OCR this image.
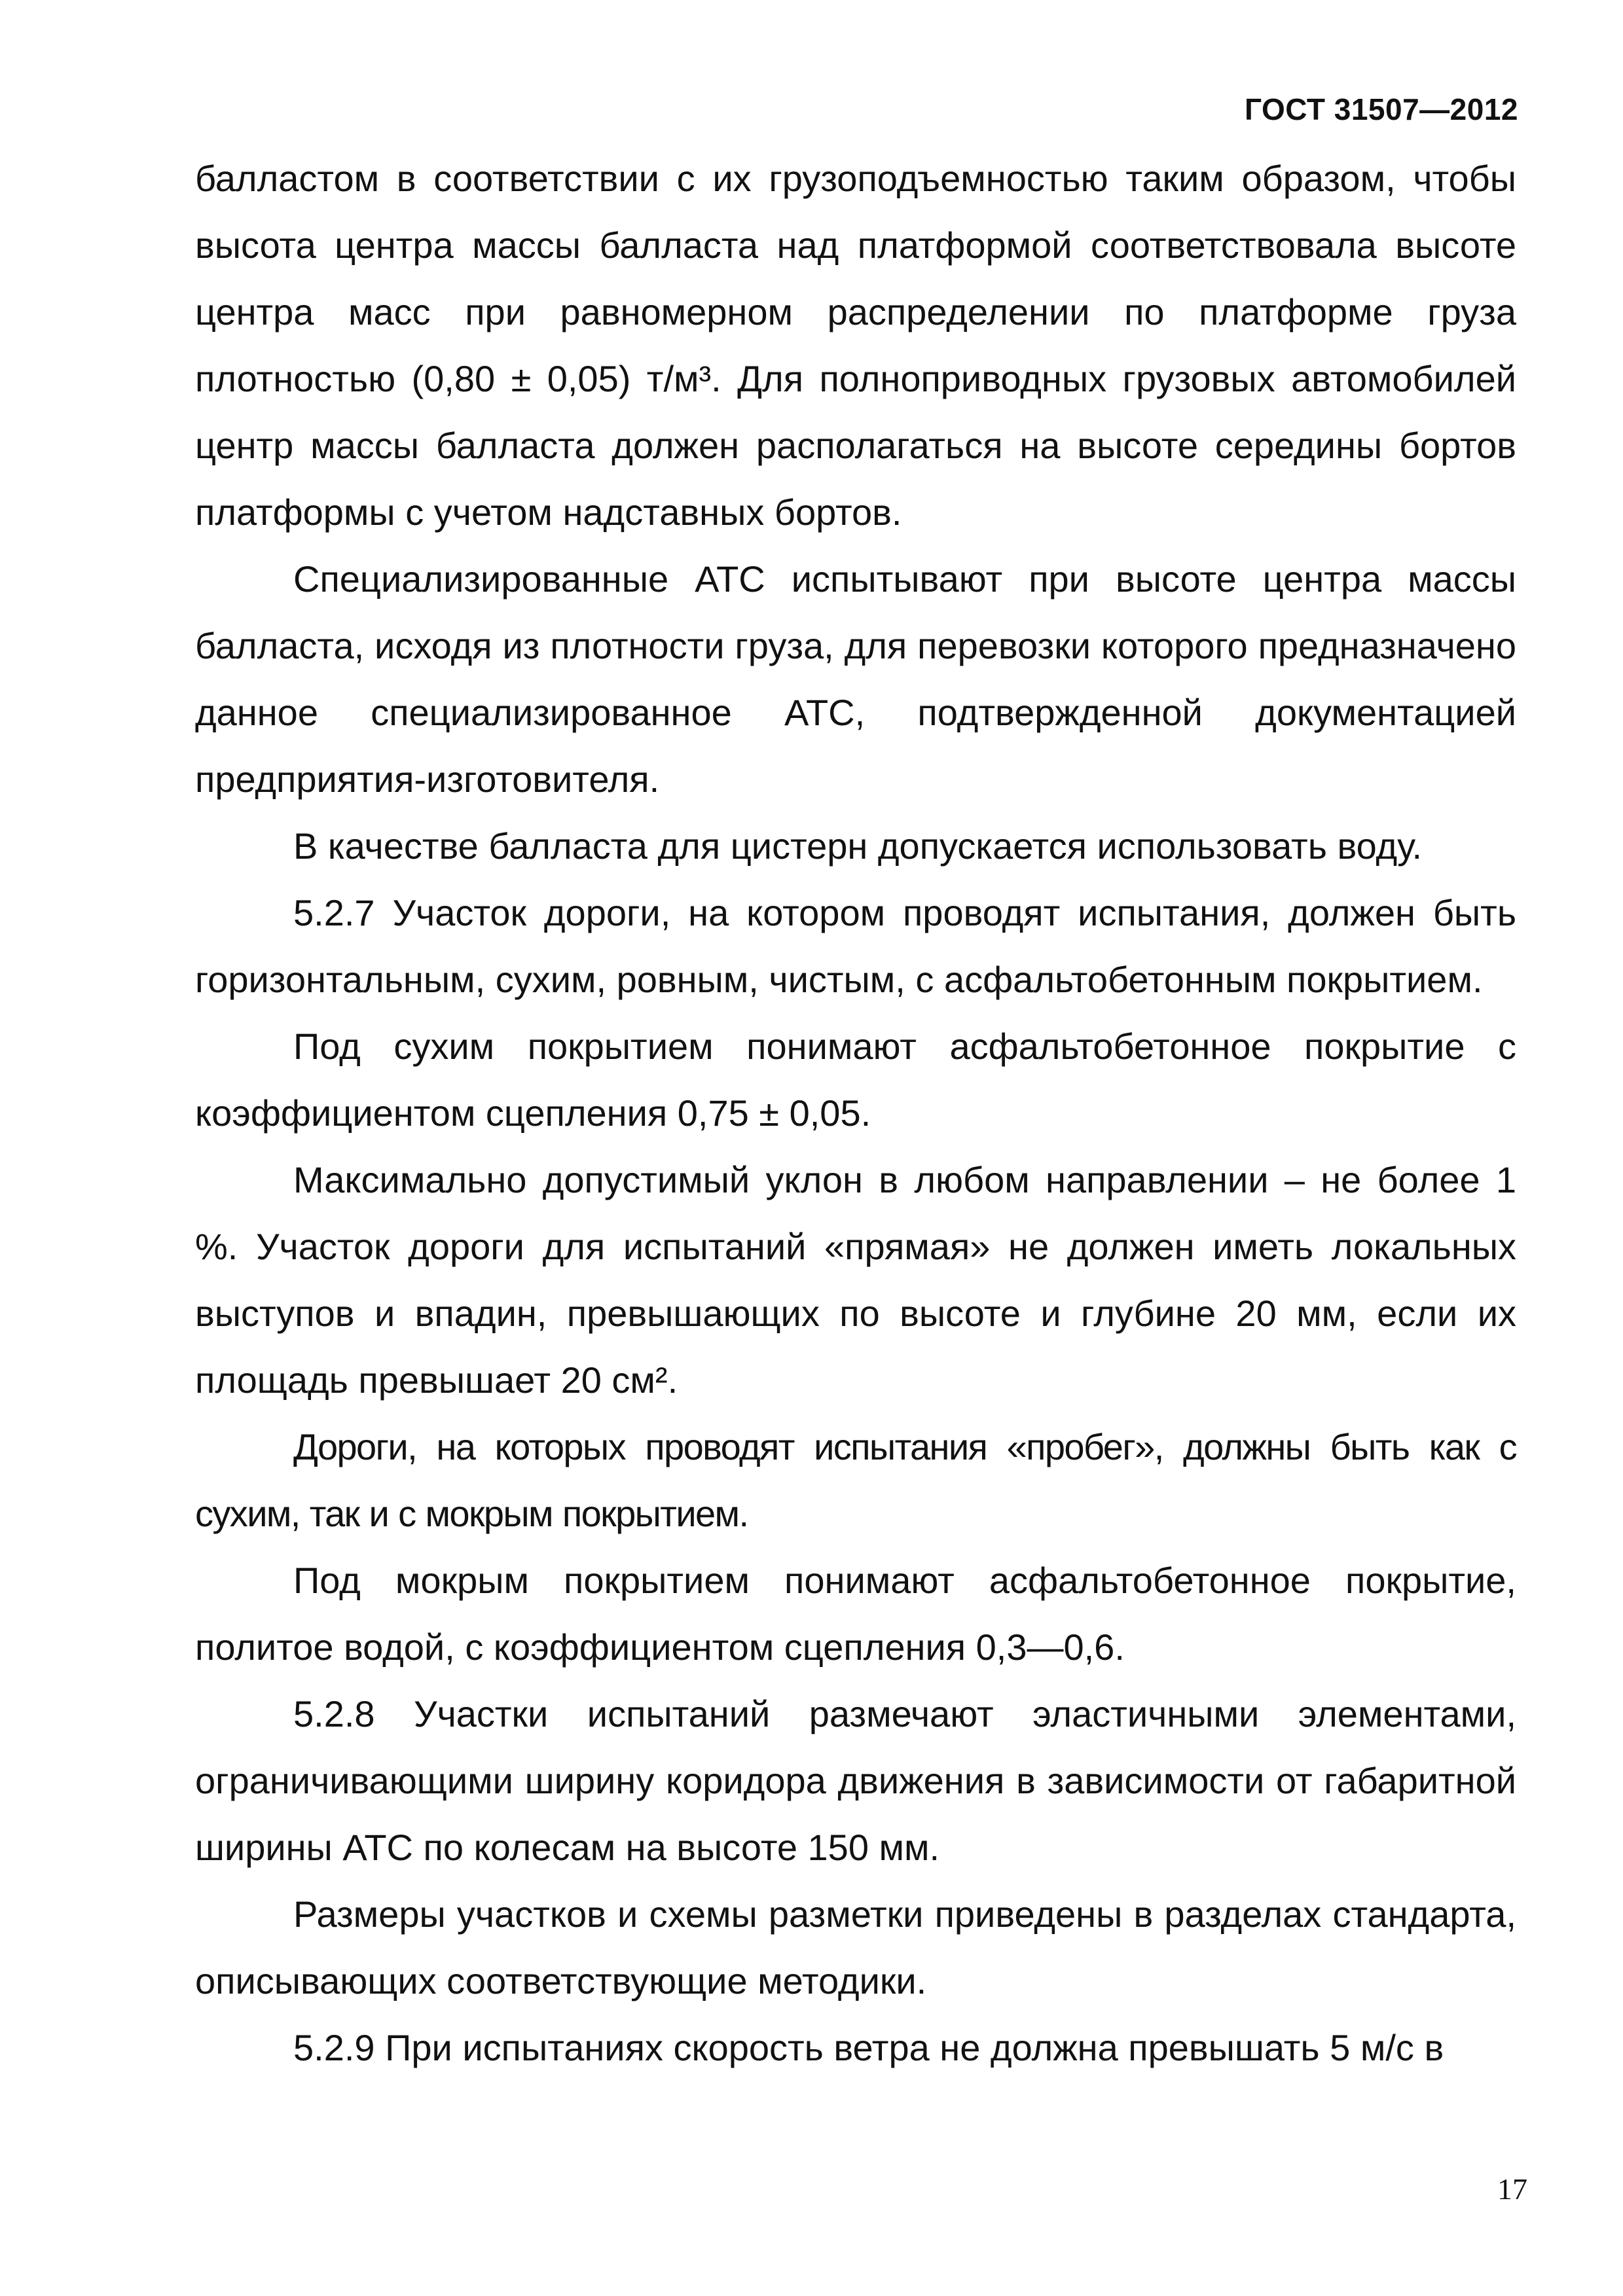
ГОСТ 31507—2012

балластом в соответствии с их грузоподъемностью таким образом, чтобы высота центра массы балласта над платформой соответствовала высоте центра масс при равномерном распределении по платформе груза плотностью (0,80 ± 0,05) т/м³. Для полноприводных грузовых автомобилей центр массы балласта должен располагаться на высоте середины бортов платформы с учетом надставных бортов.

Специализированные АТС испытывают при высоте центра массы балласта, исходя из плотности груза, для перевозки которого предназначено данное специализированное АТС, подтвержденной документацией предприятия-изготовителя.

В качестве балласта для цистерн допускается использовать воду.

5.2.7 Участок дороги, на котором проводят испытания, должен быть горизонтальным, сухим, ровным, чистым, с асфальтобетонным покрытием.

Под сухим покрытием понимают асфальтобетонное покрытие с коэффициентом сцепления 0,75 ± 0,05.

Максимально допустимый уклон в любом направлении – не более 1 %. Участок дороги для испытаний «прямая» не должен иметь локальных выступов и впадин, превышающих по высоте и глубине 20 мм, если их площадь превышает 20 см².

Дороги, на которых проводят испытания «пробег», должны быть как с сухим, так и с мокрым покрытием.

Под мокрым покрытием понимают асфальтобетонное покрытие, политое водой, с коэффициентом сцепления 0,3—0,6.

5.2.8 Участки испытаний размечают эластичными элементами, ограничивающими ширину коридора движения в зависимости от габаритной ширины АТС по колесам на высоте 150 мм.

Размеры участков и схемы разметки приведены в разделах стандарта, описывающих соответствующие методики.

5.2.9 При испытаниях скорость ветра не должна превышать 5 м/с в

17
